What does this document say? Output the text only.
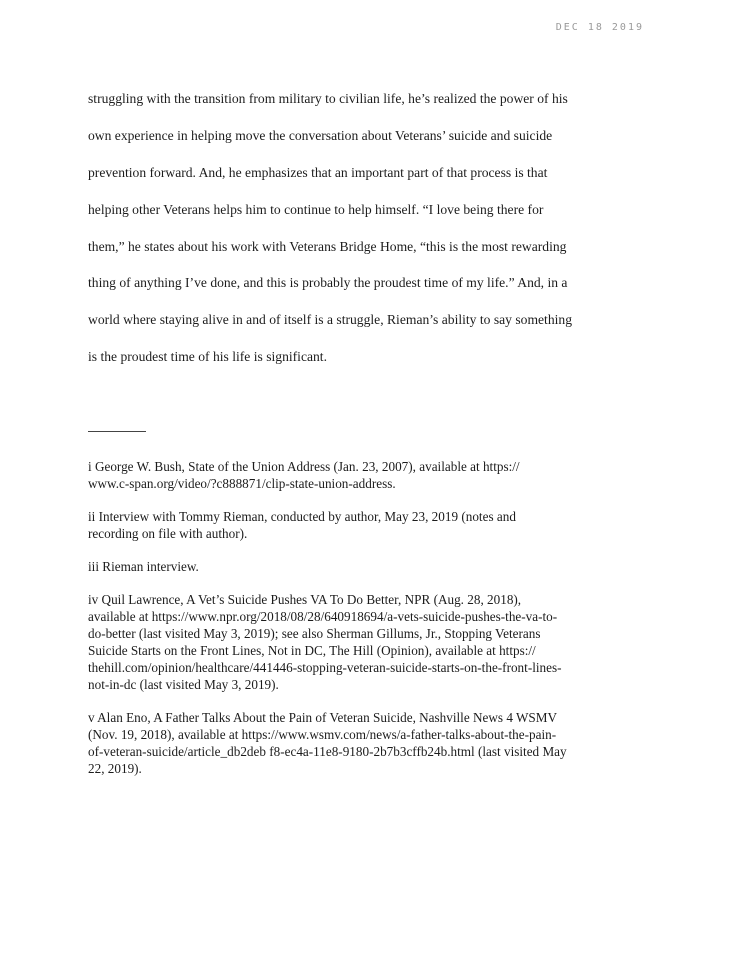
DEC 18 2019
struggling with the transition from military to civilian life, he’s realized the power of his
own experience in helping move the conversation about Veterans’ suicide and suicide
prevention forward. And, he emphasizes that an important part of that process is that
helping other Veterans helps him to continue to help himself. “I love being there for
them,” he states about his work with Veterans Bridge Home, “this is the most rewarding
thing of anything I’ve done, and this is probably the proudest time of my life.” And, in a
world where staying alive in and of itself is a struggle, Rieman’s ability to say something
is the proudest time of his life is significant.
i George W. Bush, State of the Union Address (Jan. 23, 2007), available at https://
www.c-span.org/video/?c888871/clip-state-union-address.
ii Interview with Tommy Rieman, conducted by author, May 23, 2019 (notes and
recording on file with author).
iii Rieman interview.
iv Quil Lawrence, A Vet’s Suicide Pushes VA To Do Better, NPR (Aug. 28, 2018),
available at https://www.npr.org/2018/08/28/640918694/a-vets-suicide-pushes-the-va-to-
do-better (last visited May 3, 2019); see also Sherman Gillums, Jr., Stopping Veterans
Suicide Starts on the Front Lines, Not in DC, The Hill (Opinion), available at https://
thehill.com/opinion/healthcare/441446-stopping-veteran-suicide-starts-on-the-front-lines-
not-in-dc (last visited May 3, 2019).
v Alan Eno, A Father Talks About the Pain of Veteran Suicide, Nashville News 4 WSMV
(Nov. 19, 2018), available at https://www.wsmv.com/news/a-father-talks-about-the-pain-
of-veteran-suicide/article_db2deb f8-ec4a-11e8-9180-2b7b3cffb24b.html (last visited May
22, 2019).
